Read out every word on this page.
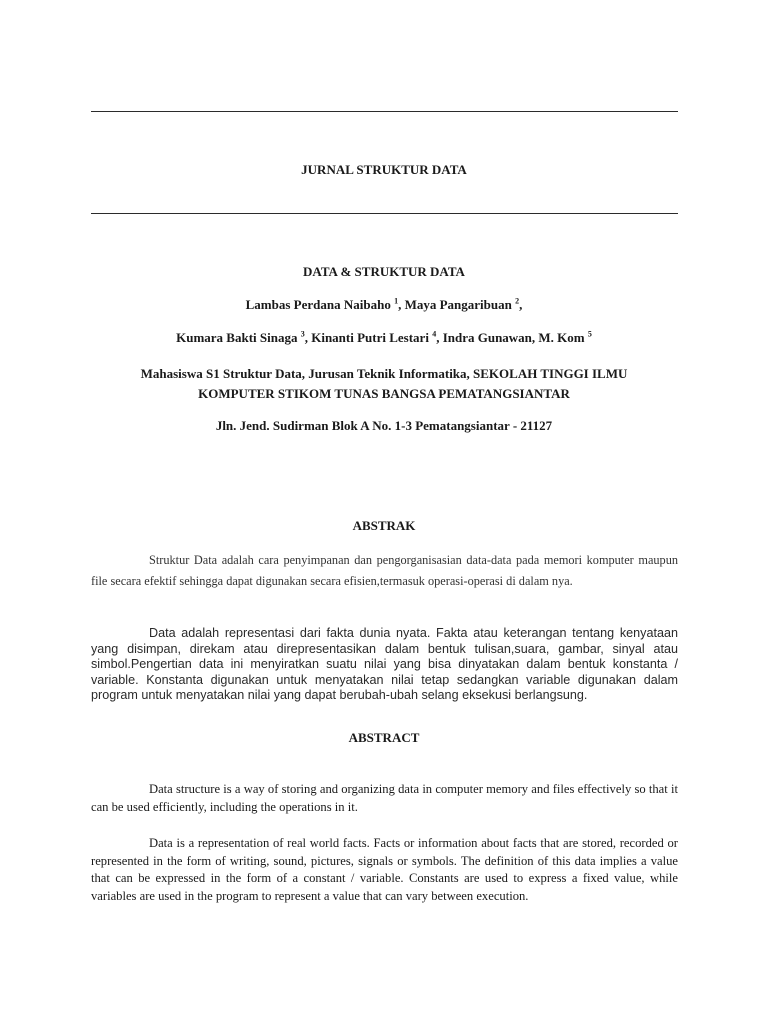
JURNAL STRUKTUR DATA
DATA & STRUKTUR DATA
Lambas Perdana Naibaho $^1$, Maya Pangaribuan $^2$,
Kumara Bakti Sinaga $^3$, Kinanti Putri Lestari $^4$, Indra Gunawan, M. Kom $^5$
Mahasiswa S1 Struktur Data, Jurusan Teknik Informatika, SEKOLAH TINGGI ILMU
KOMPUTER STIKOM TUNAS BANGSA PEMATANGSIANTAR
Jln. Jend. Sudirman Blok A No. 1-3 Pematangsiantar - 21127
ABSTRAK
Struktur Data adalah cara penyimpanan dan pengorganisasian data-data pada memori komputer maupun file secara efektif sehingga dapat digunakan secara efisien,termasuk operasi-operasi di dalam nya.
Data adalah representasi dari fakta dunia nyata. Fakta atau keterangan tentang kenyataan yang disimpan, direkam atau direpresentasikan dalam bentuk tulisan,suara, gambar, sinyal atau simbol.Pengertian data ini menyiratkan suatu nilai yang bisa dinyatakan dalam bentuk konstanta / variable. Konstanta digunakan untuk menyatakan nilai tetap sedangkan variable digunakan dalam program untuk menyatakan nilai yang dapat berubah-ubah selang eksekusi berlangsung.
ABSTRACT
Data structure is a way of storing and organizing data in computer memory and files effectively so that it can be used efficiently, including the operations in it.
Data is a representation of real world facts. Facts or information about facts that are stored, recorded or represented in the form of writing, sound, pictures, signals or symbols. The definition of this data implies a value that can be expressed in the form of a constant / variable. Constants are used to express a fixed value, while variables are used in the program to represent a value that can vary between execution.
